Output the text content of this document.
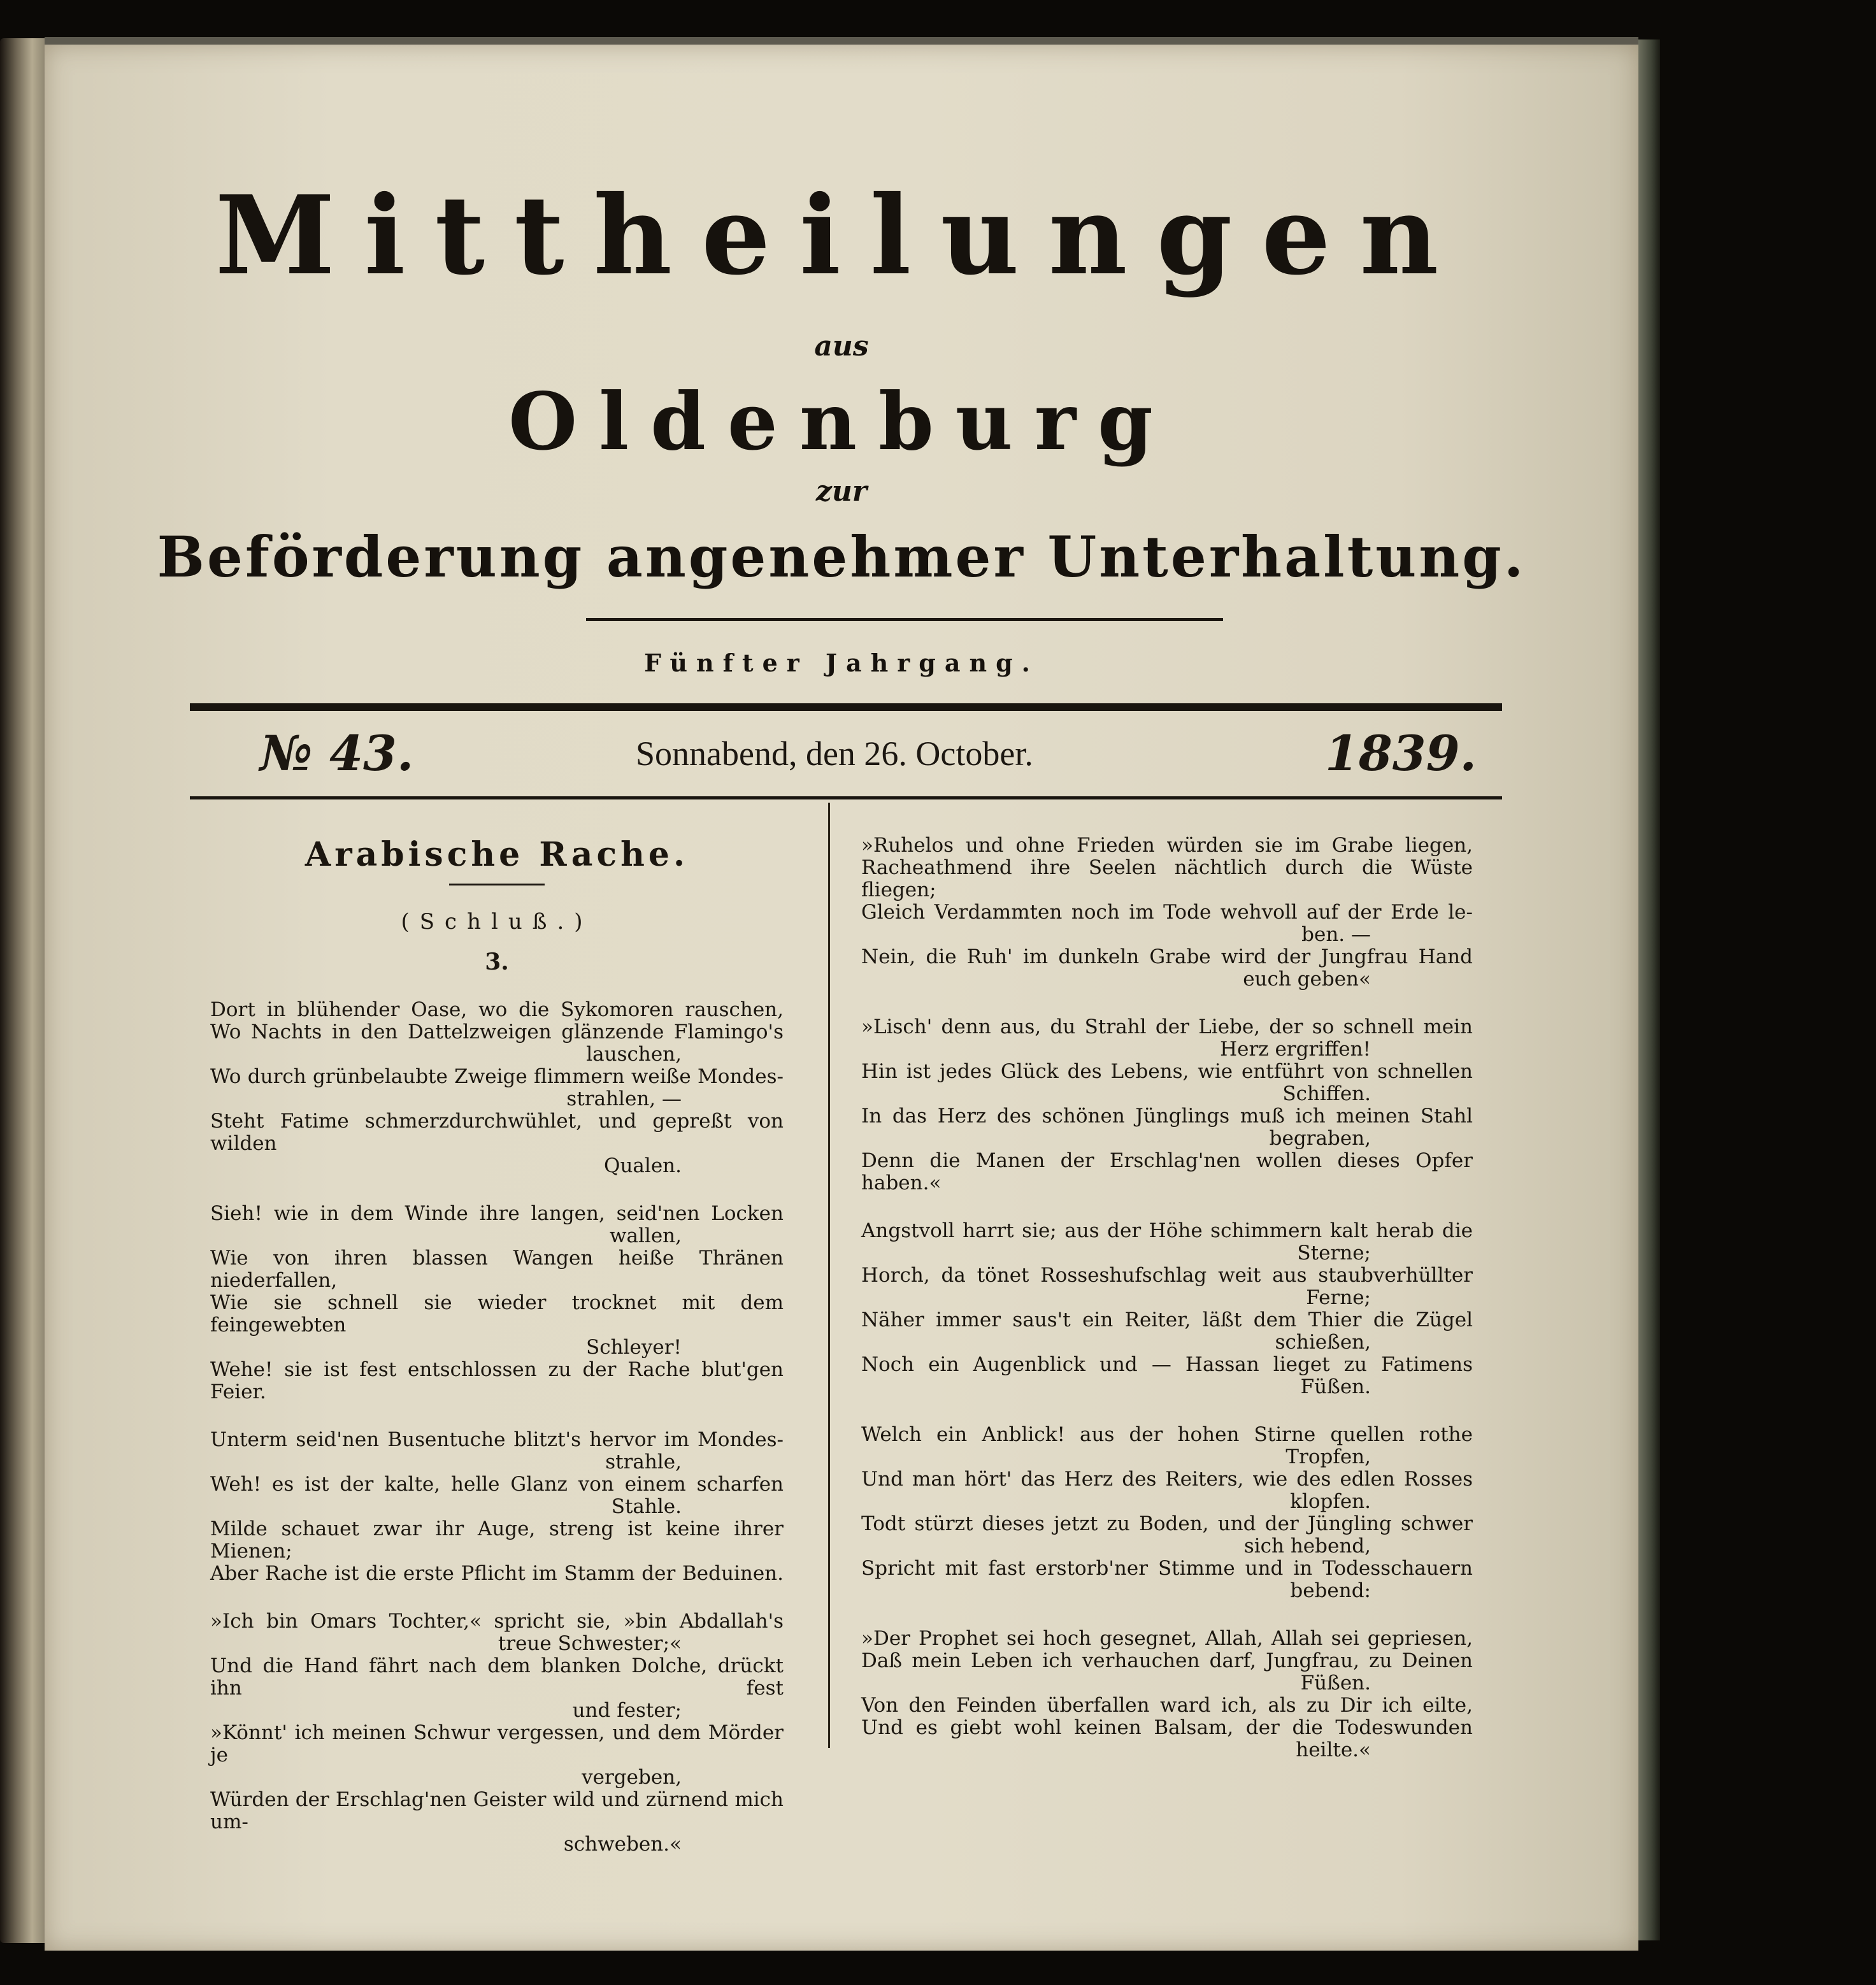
Mittheilungen
aus
Oldenburg
zur
Beförderung angenehmer Unterhaltung.
Fünfter Jahrgang.
№ 43.	Sonnabend, den 26. October.	1839.
Arabische Rache.
(Schluß.)
3.
Dort in blühender Oase, wo die Sykomoren rauschen,
Wo Nachts in den Dattelzweigen glänzende Flamingo's
lauschen,
Wo durch grünbelaubte Zweige flimmern weiße Mondes-
strahlen, —
Steht Fatime schmerzdurchwühlet, und gepreßt von wilden
Qualen.
Sieh! wie in dem Winde ihre langen, seid'nen Locken
wallen,
Wie von ihren blassen Wangen heiße Thränen niederfallen,
Wie sie schnell sie wieder trocknet mit dem feingewebten
Schleyer!
Wehe! sie ist fest entschlossen zu der Rache blut'gen Feier.
Unterm seid'nen Busentuche blitzt's hervor im Mondes-
strahle,
Weh! es ist der kalte, helle Glanz von einem scharfen
Stahle.
Milde schauet zwar ihr Auge, streng ist keine ihrer Mienen;
Aber Rache ist die erste Pflicht im Stamm der Beduinen.
»Ich bin Omars Tochter,« spricht sie, »bin Abdallah's
treue Schwester;«
Und die Hand fährt nach dem blanken Dolche, drückt ihn fest
und fester;
»Könnt' ich meinen Schwur vergessen, und dem Mörder je
vergeben,
Würden der Erschlag'nen Geister wild und zürnend mich um-
schweben.«
»Ruhelos und ohne Frieden würden sie im Grabe liegen,
Racheathmend ihre Seelen nächtlich durch die Wüste fliegen;
Gleich Verdammten noch im Tode wehvoll auf der Erde le-
ben. —
Nein, die Ruh' im dunkeln Grabe wird der Jungfrau Hand
euch geben«
»Lisch' denn aus, du Strahl der Liebe, der so schnell mein
Herz ergriffen!
Hin ist jedes Glück des Lebens, wie entführt von schnellen
Schiffen.
In das Herz des schönen Jünglings muß ich meinen Stahl
begraben,
Denn die Manen der Erschlag'nen wollen dieses Opfer haben.«
Angstvoll harrt sie; aus der Höhe schimmern kalt herab die
Sterne;
Horch, da tönet Rosseshufschlag weit aus staubverhüllter
Ferne;
Näher immer saus't ein Reiter, läßt dem Thier die Zügel
schießen,
Noch ein Augenblick und — Hassan lieget zu Fatimens
Füßen.
Welch ein Anblick! aus der hohen Stirne quellen rothe
Tropfen,
Und man hört' das Herz des Reiters, wie des edlen Rosses
klopfen.
Todt stürzt dieses jetzt zu Boden, und der Jüngling schwer
sich hebend,
Spricht mit fast erstorb'ner Stimme und in Todesschauern
bebend:
»Der Prophet sei hoch gesegnet, Allah, Allah sei gepriesen,
Daß mein Leben ich verhauchen darf, Jungfrau, zu Deinen
Füßen.
Von den Feinden überfallen ward ich, als zu Dir ich eilte,
Und es giebt wohl keinen Balsam, der die Todeswunden
heilte.«
